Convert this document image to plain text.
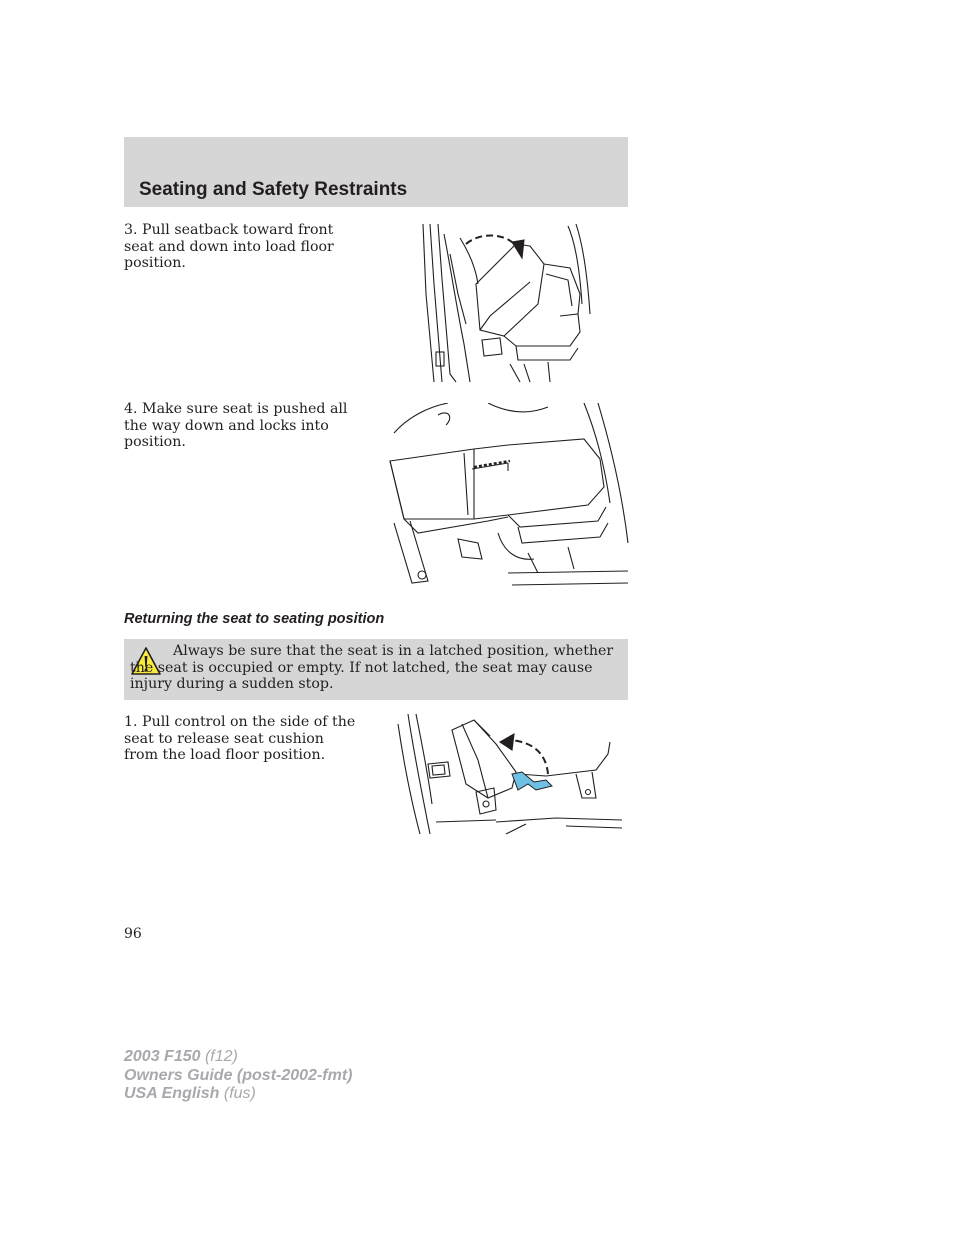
Seating and Safety Restraints

3. Pull seatback toward front seat and down into load floor position.

4. Make sure seat is pushed all the way down and locks into position.

Returning the seat to seating position

Always be sure that the seat is in a latched position, whether the seat is occupied or empty. If not latched, the seat may cause injury during a sudden stop.

1. Pull control on the side of the seat to release seat cushion from the load floor position.

96

2003 F150 (f12)
Owners Guide (post-2002-fmt)
USA English (fus)
